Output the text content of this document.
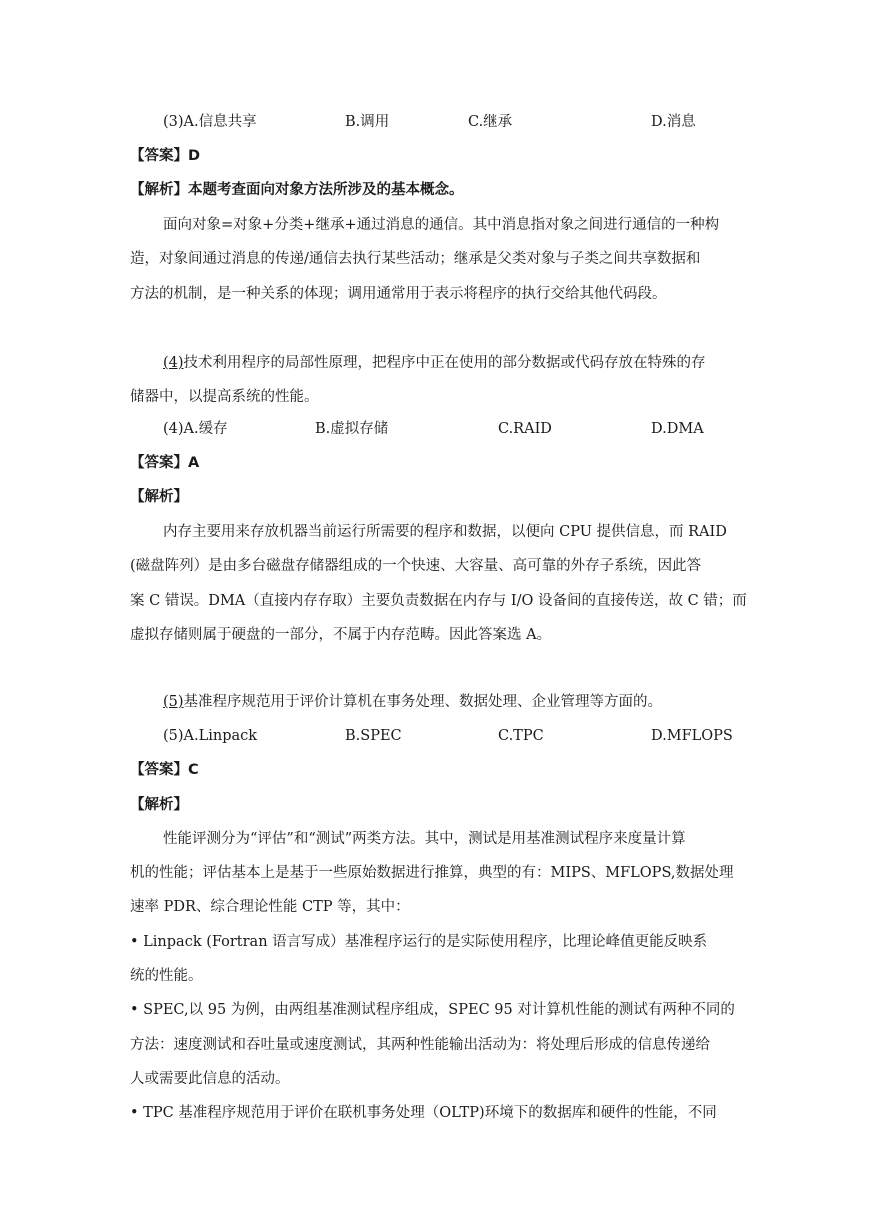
(3)A.信息共享	B.调用	C.继承	D.消息
【答案】D
【解析】本题考查面向对象方法所涉及的基本概念。
面向对象=对象+分类+继承+通过消息的通信。其中消息指对象之间进行通信的一种构
造，对象间通过消息的传递/通信去执行某些活动；继承是父类对象与子类之间共享数据和
方法的机制，是一种关系的体现；调用通常用于表示将程序的执行交给其他代码段。
(4)技术利用程序的局部性原理，把程序中正在使用的部分数据或代码存放在特殊的存
储器中，以提高系统的性能。
(4)A.缓存	B.虚拟存储	C.RAID	D.DMA
【答案】A
【解析】
内存主要用来存放机器当前运行所需要的程序和数据，以便向 CPU 提供信息，而 RAID
(磁盘阵列）是由多台磁盘存储器组成的一个快速、大容量、高可靠的外存子系统，因此答
案 C 错误。DMA（直接内存存取）主要负责数据在内存与 I/O 设备间的直接传送，故 C 错；而
虚拟存储则属于硬盘的一部分，不属于内存范畴。因此答案选 A。
(5)基准程序规范用于评价计算机在事务处理、数据处理、企业管理等方面的。
(5)A.Linpack	B.SPEC	C.TPC	D.MFLOPS
【答案】C
【解析】
性能评测分为“评估”和“测试”两类方法。其中，测试是用基准测试程序来度量计算
机的性能；评估基本上是基于一些原始数据进行推算，典型的有：MIPS、MFLOPS,数据处理
速率 PDR、综合理论性能 CTP 等，其中：
• Linpack (Fortran 语言写成）基准程序运行的是实际使用程序，比理论峰值更能反映系
统的性能。
• SPEC,以 95 为例，由两组基准测试程序组成，SPEC 95 对计算机性能的测试有两种不同的
方法：速度测试和吞吐量或速度测试，其两种性能输出活动为：将处理后形成的信息传递给
人或需要此信息的活动。
• TPC 基准程序规范用于评价在联机事务处理（OLTP)环境下的数据库和硬件的性能，不同
